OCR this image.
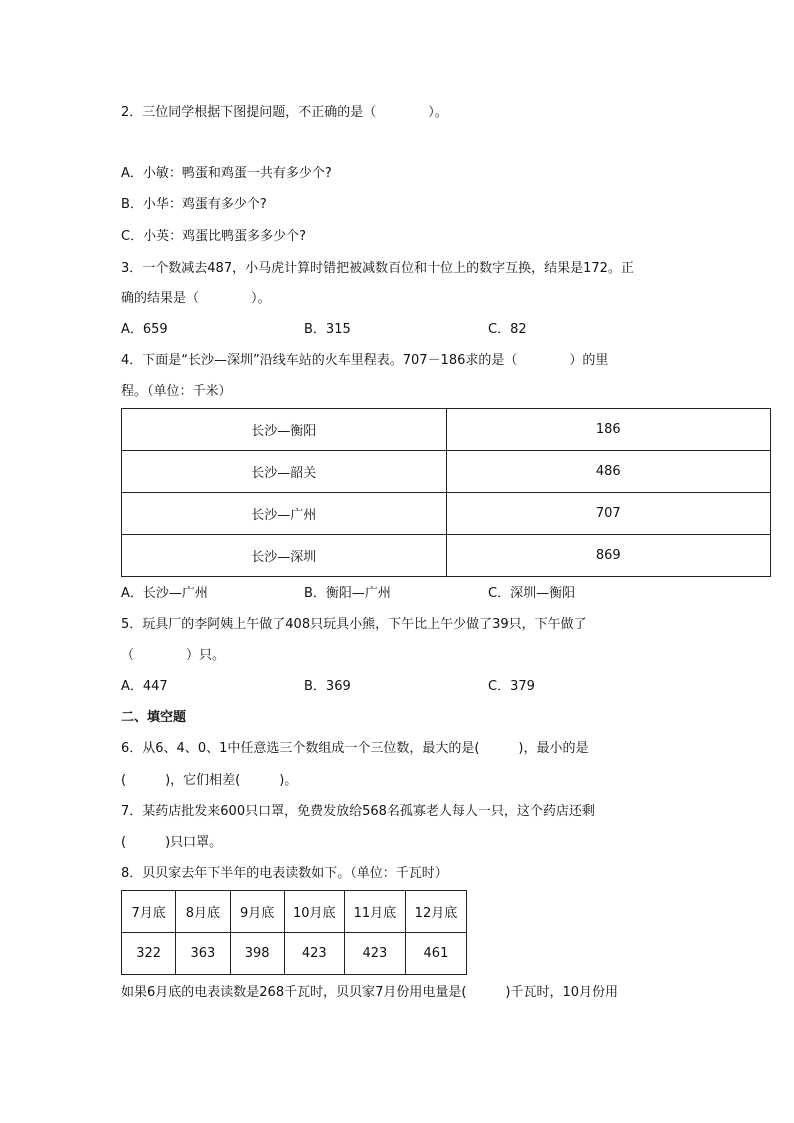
2．三位同学根据下图提问题，不正确的是（　　　　）。
A．小敏：鸭蛋和鸡蛋一共有多少个?
B．小华：鸡蛋有多少个?
C．小英：鸡蛋比鸭蛋多多少个?
3．一个数减去487，小马虎计算时错把被减数百位和十位上的数字互换，结果是172。正
确的结果是（　　　　）。
A．659	B．315	C．82
4．下面是“长沙—深圳”沿线车站的火车里程表。707－186求的是（　　　　）的里
程。（单位：千米）
长沙—衡阳	186
长沙—韶关	486
长沙—广州	707
长沙—深圳	869
A．长沙—广州	B．衡阳—广州	C．深圳—衡阳
5．玩具厂的李阿姨上午做了408只玩具小熊，下午比上午少做了39只，下午做了
（　　　　）只。
A．447	B．369	C．379
二、填空题
6．从6、4、0、1中任意选三个数组成一个三位数，最大的是(　　　)，最小的是
(　　　)，它们相差(　　　)。
7．某药店批发来600只口罩，免费发放给568名孤寡老人每人一只，这个药店还剩
(　　　)只口罩。
8．贝贝家去年下半年的电表读数如下。（单位：千瓦时）
7月底	8月底	9月底	10月底	11月底	12月底
322	363	398	423	423	461
如果6月底的电表读数是268千瓦时，贝贝家7月份用电量是(　　　)千瓦时，10月份用
